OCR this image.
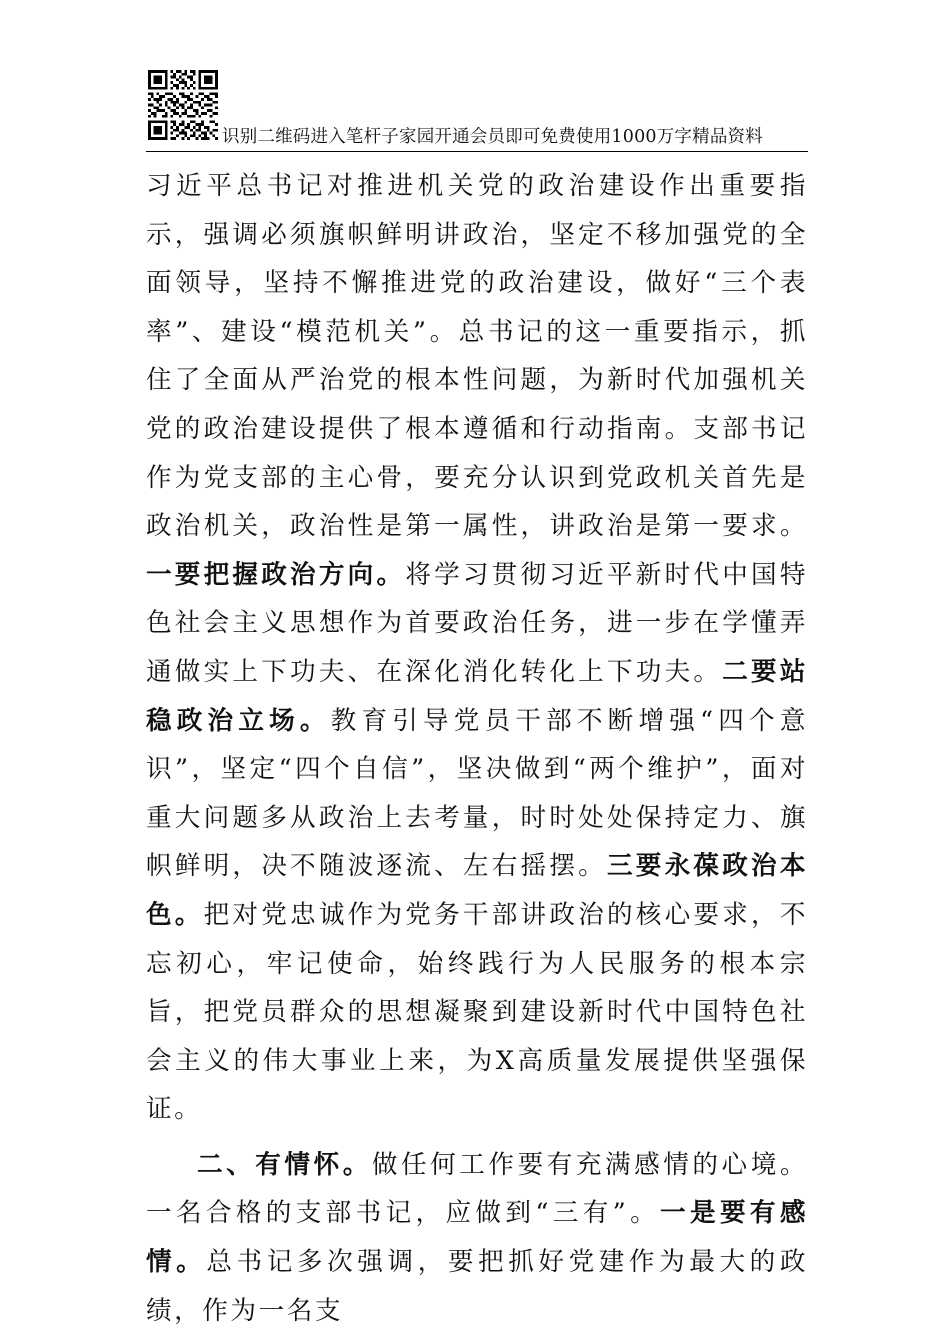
识别二维码进入笔杆子家园开通会员即可免费使用1000万字精品资料

习近平总书记对推进机关党的政治建设作出重要指示，强调必须旗帜鲜明讲政治，坚定不移加强党的全面领导，坚持不懈推进党的政治建设，做好“三个表率”、建设“模范机关”。总书记的这一重要指示，抓住了全面从严治党的根本性问题，为新时代加强机关党的政治建设提供了根本遵循和行动指南。支部书记作为党支部的主心骨，要充分认识到党政机关首先是政治机关，政治性是第一属性，讲政治是第一要求。一要把握政治方向。将学习贯彻习近平新时代中国特色社会主义思想作为首要政治任务，进一步在学懂弄通做实上下功夫、在深化消化转化上下功夫。二要站稳政治立场。教育引导党员干部不断增强“四个意识”，坚定“四个自信”，坚决做到“两个维护”，面对重大问题多从政治上去考量，时时处处保持定力、旗帜鲜明，决不随波逐流、左右摇摆。三要永葆政治本色。把对党忠诚作为党务干部讲政治的核心要求，不忘初心，牢记使命，始终践行为人民服务的根本宗旨，把党员群众的思想凝聚到建设新时代中国特色社会主义的伟大事业上来，为X高质量发展提供坚强保证。

二、有情怀。做任何工作要有充满感情的心境。一名合格的支部书记，应做到“三有”。一是要有感情。总书记多次强调，要把抓好党建作为最大的政绩，作为一名支
